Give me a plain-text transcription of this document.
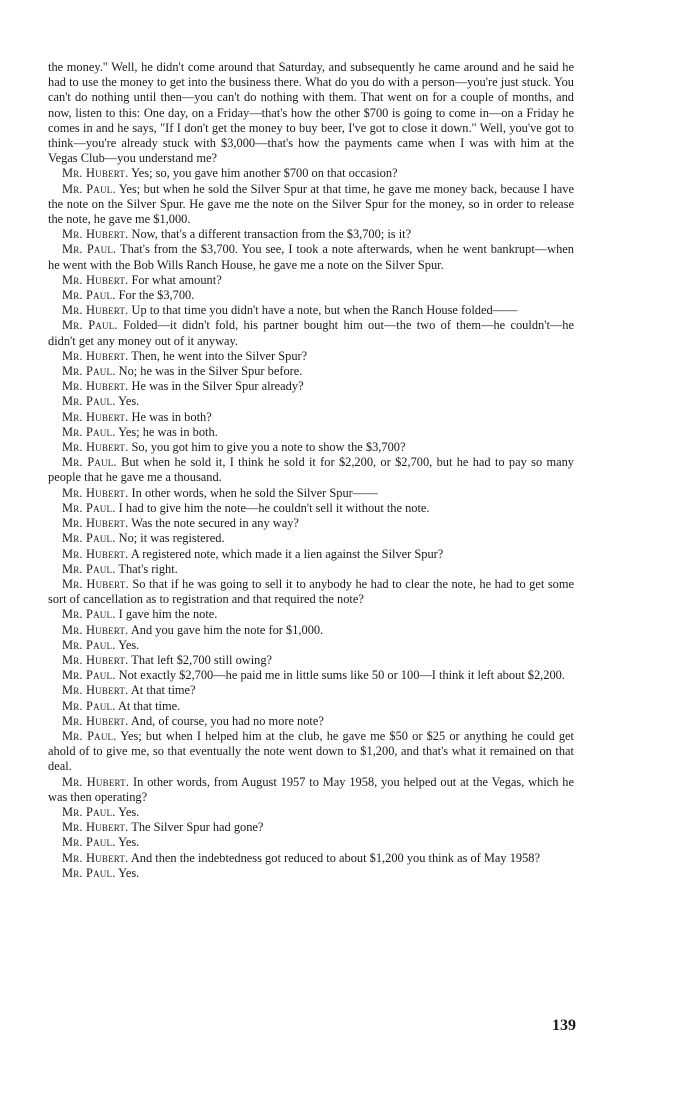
the money." Well, he didn't come around that Saturday, and subsequently he came around and he said he had to use the money to get into the business there. What do you do with a person—you're just stuck. You can't do nothing until then—you can't do nothing with them. That went on for a couple of months, and now, listen to this: One day, on a Friday—that's how the other $700 is going to come in—on a Friday he comes in and he says, "If I don't get the money to buy beer, I've got to close it down." Well, you've got to think—you're already stuck with $3,000—that's how the payments came when I was with him at the Vegas Club—you understand me?

Mr. Hubert. Yes; so, you gave him another $700 on that occasion?

Mr. Paul. Yes; but when he sold the Silver Spur at that time, he gave me money back, because I have the note on the Silver Spur. He gave me the note on the Silver Spur for the money, so in order to release the note, he gave me $1,000.

Mr. Hubert. Now, that's a different transaction from the $3,700; is it?

Mr. Paul. That's from the $3,700. You see, I took a note afterwards, when he went bankrupt—when he went with the Bob Wills Ranch House, he gave me a note on the Silver Spur.

Mr. Hubert. For what amount?

Mr. Paul. For the $3,700.

Mr. Hubert. Up to that time you didn't have a note, but when the Ranch House folded——

Mr. Paul. Folded—it didn't fold, his partner bought him out—the two of them—he couldn't—he didn't get any money out of it anyway.

Mr. Hubert. Then, he went into the Silver Spur?

Mr. Paul. No; he was in the Silver Spur before.

Mr. Hubert. He was in the Silver Spur already?

Mr. Paul. Yes.

Mr. Hubert. He was in both?

Mr. Paul. Yes; he was in both.

Mr. Hubert. So, you got him to give you a note to show the $3,700?

Mr. Paul. But when he sold it, I think he sold it for $2,200, or $2,700, but he had to pay so many people that he gave me a thousand.

Mr. Hubert. In other words, when he sold the Silver Spur——

Mr. Paul. I had to give him the note—he couldn't sell it without the note.

Mr. Hubert. Was the note secured in any way?

Mr. Paul. No; it was registered.

Mr. Hubert. A registered note, which made it a lien against the Silver Spur?

Mr. Paul. That's right.

Mr. Hubert. So that if he was going to sell it to anybody he had to clear the note, he had to get some sort of cancellation as to registration and that required the note?

Mr. Paul. I gave him the note.

Mr. Hubert. And you gave him the note for $1,000.

Mr. Paul. Yes.

Mr. Hubert. That left $2,700 still owing?

Mr. Paul. Not exactly $2,700—he paid me in little sums like 50 or 100—I think it left about $2,200.

Mr. Hubert. At that time?

Mr. Paul. At that time.

Mr. Hubert. And, of course, you had no more note?

Mr. Paul. Yes; but when I helped him at the club, he gave me $50 or $25 or anything he could get ahold of to give me, so that eventually the note went down to $1,200, and that's what it remained on that deal.

Mr. Hubert. In other words, from August 1957 to May 1958, you helped out at the Vegas, which he was then operating?

Mr. Paul. Yes.

Mr. Hubert. The Silver Spur had gone?

Mr. Paul. Yes.

Mr. Hubert. And then the indebtedness got reduced to about $1,200 you think as of May 1958?

Mr. Paul. Yes.

139
